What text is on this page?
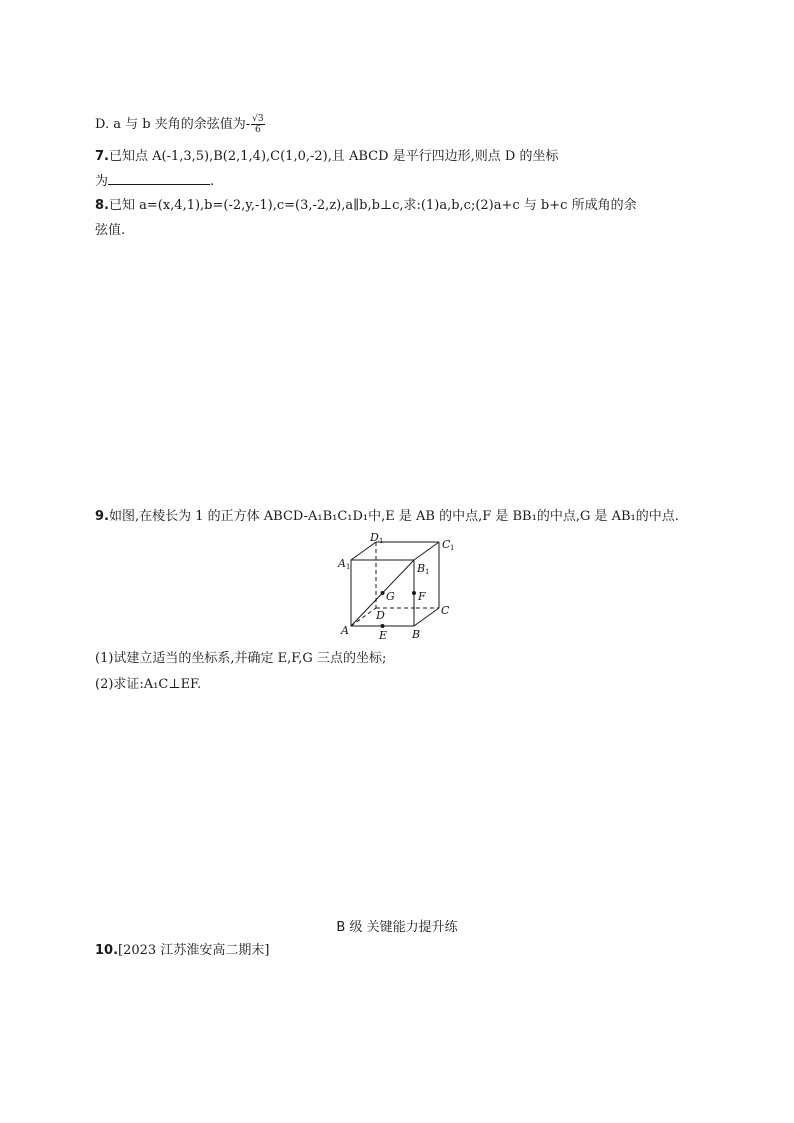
D. a 与 b 夹角的余弦值为- $\frac{√3}{6}$
7.已知点 A(-1,3,5),B(2,1,4),C(1,0,-2),且 ABCD 是平行四边形,则点 D 的坐标
为	.
8.已知 a=(x,4,1),b=(-2,y,-1),c=(3,-2,z),a∥b,b⊥c,求:(1)a,b,c;(2)a+c 与 b+c 所成角的余
弦值.
9.如图,在棱长为 1 的正方体 ABCD-A₁B₁C₁D₁中,E 是 AB 的中点,F 是 BB₁的中点,G 是 AB₁的中点.
D 1	C 1
A 1	B 1
G F
C
D
A	E B
(1)试建立适当的坐标系,并确定 E,F,G 三点的坐标;
(2)求证:A₁C⊥EF.
B 级 关键能力提升练
10.[2023 江苏淮安高二期末]
